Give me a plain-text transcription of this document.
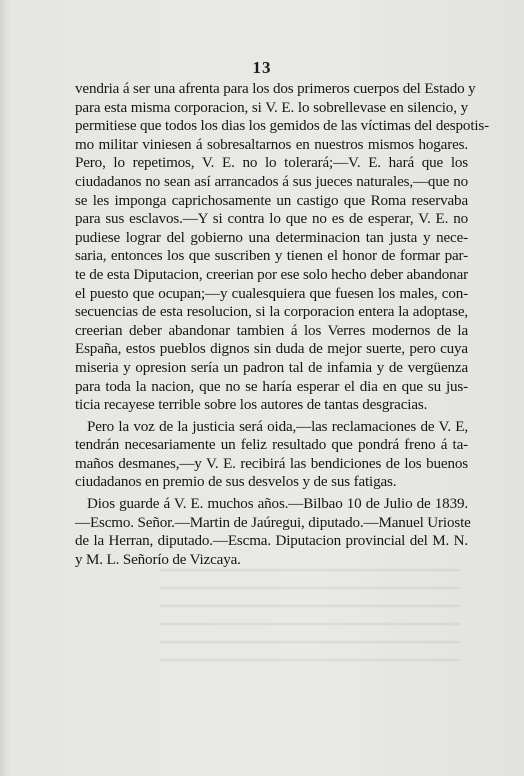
13
vendria á ser una afrenta para los dos primeros cuerpos del Estado y
para esta misma corporacion, si V. E. lo sobrellevase en silencio, y
permitiese que todos los dias los gemidos de las víctimas del despotis-
mo militar viniesen á sobresaltarnos en nuestros mismos hogares.
Pero, lo repetimos, V. E. no lo tolerará;—V. E. hará que los
ciudadanos no sean así arrancados á sus jueces naturales,—que no
se les imponga caprichosamente un castigo que Roma reservaba
para sus esclavos.—Y si contra lo que no es de esperar, V. E. no
pudiese lograr del gobierno una determinacion tan justa y nece-
saria, entonces los que suscriben y tienen el honor de formar par-
te de esta Diputacion, creerian por ese solo hecho deber abandonar
el puesto que ocupan;—y cualesquiera que fuesen los males, con-
secuencias de esta resolucion, si la corporacion entera la adoptase,
creerian deber abandonar tambien á los Verres modernos de la
España, estos pueblos dignos sin duda de mejor suerte, pero cuya
miseria y opresion sería un padron tal de infamia y de vergüenza
para toda la nacion, que no se haría esperar el dia en que su jus-
ticia recayese terrible sobre los autores de tantas desgracias.
Pero la voz de la justicia será oida,—las reclamaciones de V. E,
tendrán necesariamente un feliz resultado que pondrá freno á ta-
maños desmanes,—y V. E. recibirá las bendiciones de los buenos
ciudadanos en premio de sus desvelos y de sus fatigas.
Dios guarde á V. E. muchos años.—Bilbao 10 de Julio de 1839.
—Escmo. Señor.—Martin de Jaúregui, diputado.—Manuel Urioste
de la Herran, diputado.—Escma. Diputacion provincial del M. N.
y M. L. Señorío de Vizcaya.
